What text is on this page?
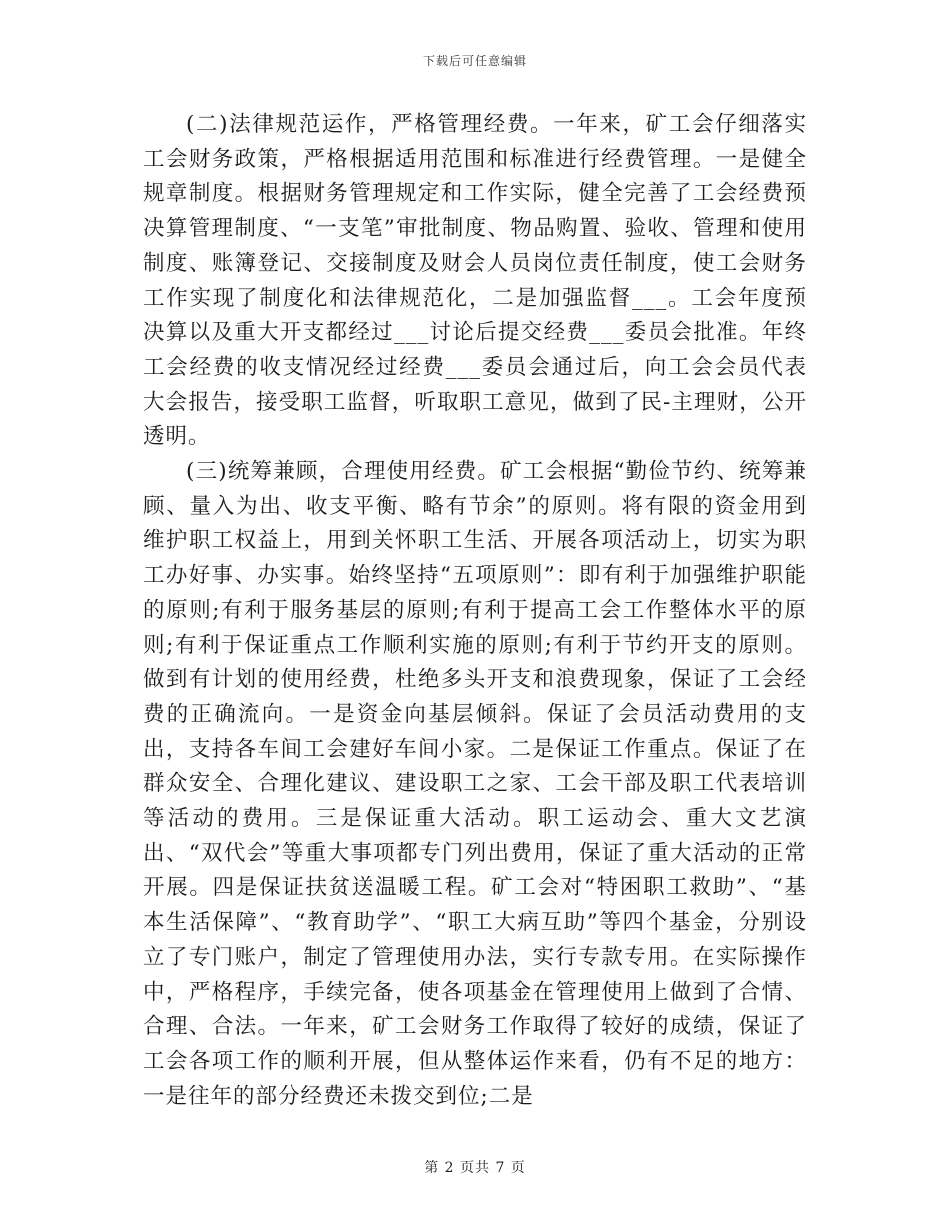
下载后可任意编辑

(二)法律规范运作，严格管理经费。一年来，矿工会仔细落实工会财务政策，严格根据适用范围和标准进行经费管理。一是健全规章制度。根据财务管理规定和工作实际，健全完善了工会经费预决算管理制度、“一支笔”审批制度、物品购置、验收、管理和使用制度、账簿登记、交接制度及财会人员岗位责任制度，使工会财务工作实现了制度化和法律规范化，二是加强监督___。工会年度预决算以及重大开支都经过___讨论后提交经费___委员会批准。年终工会经费的收支情况经过经费___委员会通过后，向工会会员代表大会报告，接受职工监督，听取职工意见，做到了民-主理财，公开透明。

(三)统筹兼顾，合理使用经费。矿工会根据“勤俭节约、统筹兼顾、量入为出、收支平衡、略有节余”的原则。将有限的资金用到维护职工权益上，用到关怀职工生活、开展各项活动上，切实为职工办好事、办实事。始终坚持“五项原则”：即有利于加强维护职能的原则;有利于服务基层的原则;有利于提高工会工作整体水平的原则;有利于保证重点工作顺利实施的原则;有利于节约开支的原则。做到有计划的使用经费，杜绝多头开支和浪费现象，保证了工会经费的正确流向。一是资金向基层倾斜。保证了会员活动费用的支出，支持各车间工会建好车间小家。二是保证工作重点。保证了在群众安全、合理化建议、建设职工之家、工会干部及职工代表培训等活动的费用。三是保证重大活动。职工运动会、重大文艺演出、“双代会”等重大事项都专门列出费用，保证了重大活动的正常开展。四是保证扶贫送温暖工程。矿工会对“特困职工救助”、“基本生活保障”、“教育助学”、“职工大病互助”等四个基金，分别设立了专门账户，制定了管理使用办法，实行专款专用。在实际操作中，严格程序，手续完备，使各项基金在管理使用上做到了合情、合理、合法。一年来，矿工会财务工作取得了较好的成绩，保证了工会各项工作的顺利开展，但从整体运作来看，仍有不足的地方：一是往年的部分经费还未拨交到位;二是

第 2 页共 7 页
